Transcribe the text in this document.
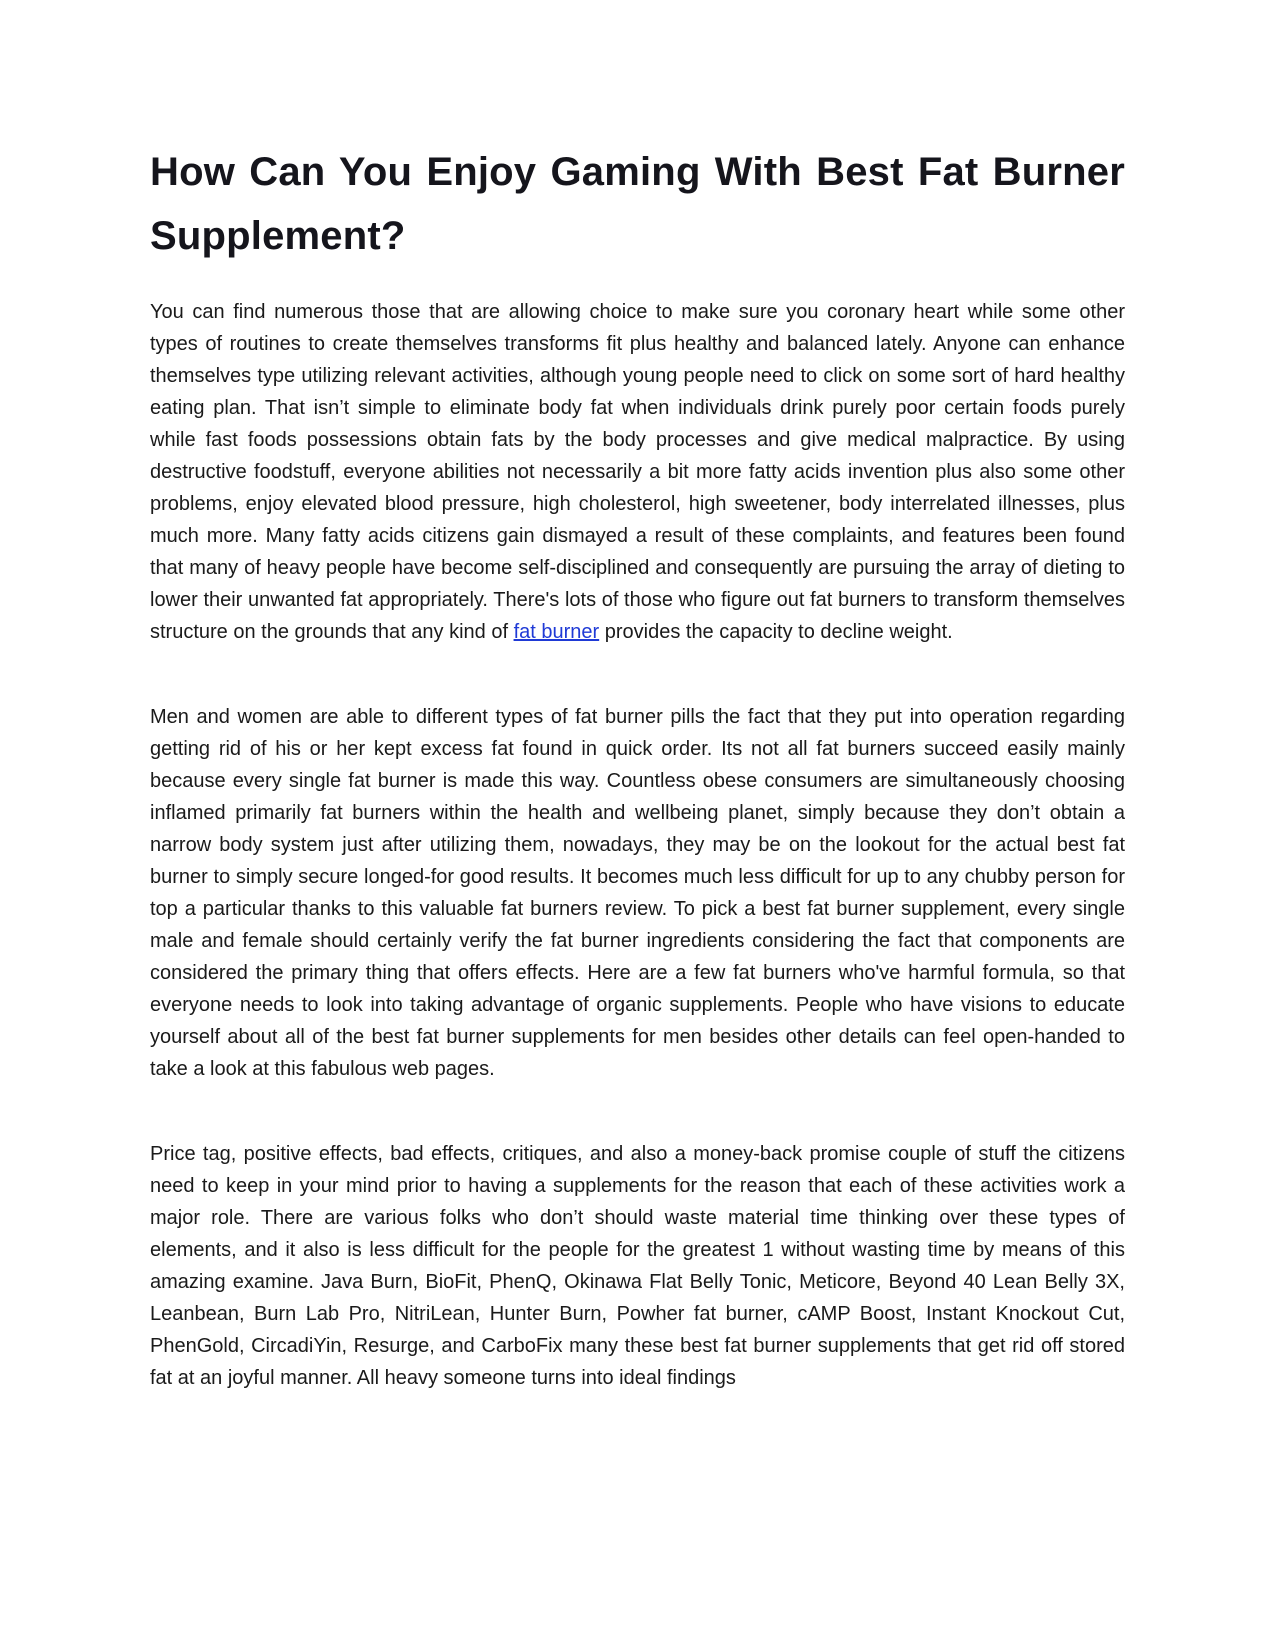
How Can You Enjoy Gaming With Best Fat Burner Supplement?

You can find numerous those that are allowing choice to make sure you coronary heart while some other types of routines to create themselves transforms fit plus healthy and balanced lately. Anyone can enhance themselves type utilizing relevant activities, although young people need to click on some sort of hard healthy eating plan. That isn’t simple to eliminate body fat when individuals drink purely poor certain foods purely while fast foods possessions obtain fats by the body processes and give medical malpractice. By using destructive foodstuff, everyone abilities not necessarily a bit more fatty acids invention plus also some other problems, enjoy elevated blood pressure, high cholesterol, high sweetener, body interrelated illnesses, plus much more. Many fatty acids citizens gain dismayed a result of these complaints, and features been found that many of heavy people have become self-disciplined and consequently are pursuing the array of dieting to lower their unwanted fat appropriately. There's lots of those who figure out fat burners to transform themselves structure on the grounds that any kind of fat burner provides the capacity to decline weight.

Men and women are able to different types of fat burner pills the fact that they put into operation regarding getting rid of his or her kept excess fat found in quick order. Its not all fat burners succeed easily mainly because every single fat burner is made this way. Countless obese consumers are simultaneously choosing inflamed primarily fat burners within the health and wellbeing planet, simply because they don’t obtain a narrow body system just after utilizing them, nowadays, they may be on the lookout for the actual best fat burner to simply secure longed-for good results. It becomes much less difficult for up to any chubby person for top a particular thanks to this valuable fat burners review. To pick a best fat burner supplement, every single male and female should certainly verify the fat burner ingredients considering the fact that components are considered the primary thing that offers effects. Here are a few fat burners who've harmful formula, so that everyone needs to look into taking advantage of organic supplements. People who have visions to educate yourself about all of the best fat burner supplements for men besides other details can feel open-handed to take a look at this fabulous web pages.

Price tag, positive effects, bad effects, critiques, and also a money-back promise couple of stuff the citizens need to keep in your mind prior to having a supplements for the reason that each of these activities work a major role. There are various folks who don’t should waste material time thinking over these types of elements, and it also is less difficult for the people for the greatest 1 without wasting time by means of this amazing examine. Java Burn, BioFit, PhenQ, Okinawa Flat Belly Tonic, Meticore, Beyond 40 Lean Belly 3X, Leanbean, Burn Lab Pro, NitriLean, Hunter Burn, Powher fat burner, cAMP Boost, Instant Knockout Cut, PhenGold, CircadiYin, Resurge, and CarboFix many these best fat burner supplements that get rid off stored fat at an joyful manner. All heavy someone turns into ideal findings
